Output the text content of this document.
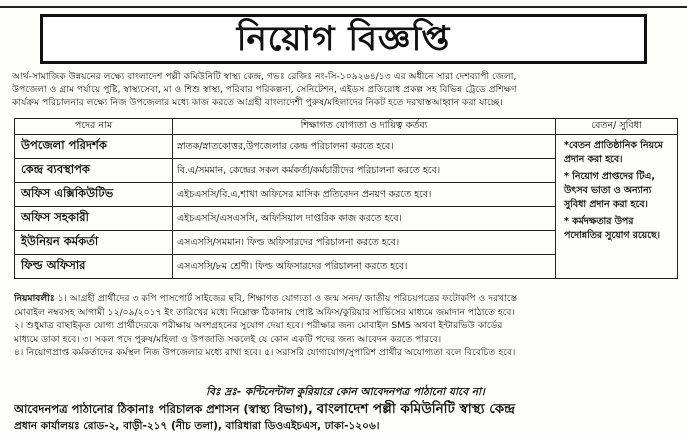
নিয়োগ বিজ্ঞপ্তি

আর্থ-সামাজিক উন্নয়নের লক্ষ্যে বাংলাদেশ পল্লী কমিউনিটি স্বাস্থ্য কেন্দ্র, গভঃ রেজিঃ নং-সি-১০৯২৬৪/১৩ এর অধীনে সারা দেশব্যাপী জেলা,

উপজেলা ও গ্রাম পর্যায়ে পুষ্টি, স্বাস্থ্যসেবা, মা ও শিশু স্বাস্থ্য, পরিবার পরিকল্পনা, সেনিটেশন, এইডস প্রতিরোধ প্রকল্প সহ বিভিন্ন ট্রেডে প্রশিক্ষণ

কার্যক্রম পরিচালনার লক্ষ্যে নিজ উপজেলার মধ্যে কাজ করতে আগ্রহী বাংলাদেশী পুরুষ/মহিলাদের নিকট হতে দরখাস্তআহ্বান করা যাচ্ছে।

পদের নাম	শিক্ষাগত যোগ্যতা ও দায়িত্ব কর্তব্য	বেতন/ সুবিধা
উপজেলা পরিদর্শক	স্নাতক/স্নাতকোত্তর,উপজেলার কেন্দ্র পরিচালনা করতে হবে।	*বেতন প্রাতিষ্ঠানিক নিয়মে প্রদান করা হবে।

* নিয়োগ প্রাপ্তদের টিএ, উৎসব ভাতা ও অন্যান্য সুবিধা প্রদান করা হবে।

* কর্মদক্ষতার উপর পদোন্নতির সুযোগ রয়েছে।

কেন্দ্র ব্যবস্থাপক	বি.এ/সমমান, কেন্দ্রের সকল কর্মকর্তা/কর্মচারীদের পরিচালনা করতে হবে।	
অফিস এক্সিকিউটিভ	এইচএসসি/বি.এ,শাখা অফিসের মাসিক প্রতিবেদন প্রনয়ণ করতে হবে।	
অফিস সহকারী	এইচএসসি/এসএসসি, অফিসিয়াল দাপ্তরিক কাজ করতে হবে।	
ইউনিয়ন কর্মকর্তা	এসএসসি/সমমান। ফিল্ড অফিসারদের পরিচালনা করতে হবে।	
ফিল্ড অফিসার	এসএসসি/৮ম শ্রেণী। ফিল্ড অফিসারদের পরিচালনা করতে হবে।	

নিয়মাবলীঃ ১। আগ্রহী প্রার্থীদের ৩ কপি পাসপোর্ট সাইজের ছবি, শিক্ষাগত যোগ্যতা ও জন্ম সনদ/ জাতীয় পরিচয়পত্রের ফটোকপি ও দরখাস্তে

মোবাইল নম্বরসহ আগামী ১২/০৯/২০১৭ ইং তারিখের মধ্যে নিম্নোক্ত ঠিকানায় পোষ্ট অফিস/কুরিয়ার সার্ভিসের মাধ্যমে জমাদান পাঠাতে হবে।

২। শুধুমাত্র বাছাইকৃত যোগ্য প্রার্থীদেরকে পরীক্ষায় অংশগ্রহনের সুযোগ দেয়া হবে। পরীক্ষার জন্য মোবাইল SMS অথবা ইন্টারভিউ কার্ডের

মাধ্যমে ডাকা হবে। ৩। সকল পদে পুরুষ/মহিলা ও উপজাতি সকলেই যে কোন একটি পদের জন্য আবেদন করতে পারবে।

৪। নিয়োগপ্রাপ্ত কর্মকর্তাদের কর্মস্থল নিজ উপজেলার মধ্যে রাখা হবে। ৫। সরাসরি যোগাযোগ/সুপারিশ প্রার্থীর অযোগ্যতা বলে বিবেচিত হবে।

বিঃ দ্রঃ- কন্টিনেন্টাল কুরিয়ারে কোন আবেদনপত্র পাঠানো যাবে না।

আবেদনপত্র পাঠানোর ঠিকানাঃ পরিচালক প্রশাসন (স্বাস্থ্য বিভাগ), বাংলাদেশ পল্লী কমিউনিটি স্বাস্থ্য কেন্দ্র

প্রধান কার্যালয়ঃ রোড-২, বাড়ী-২১৭ (নীচ তলা), বারিধারা ডিওএইচএস, ঢাকা-১২০৬।
